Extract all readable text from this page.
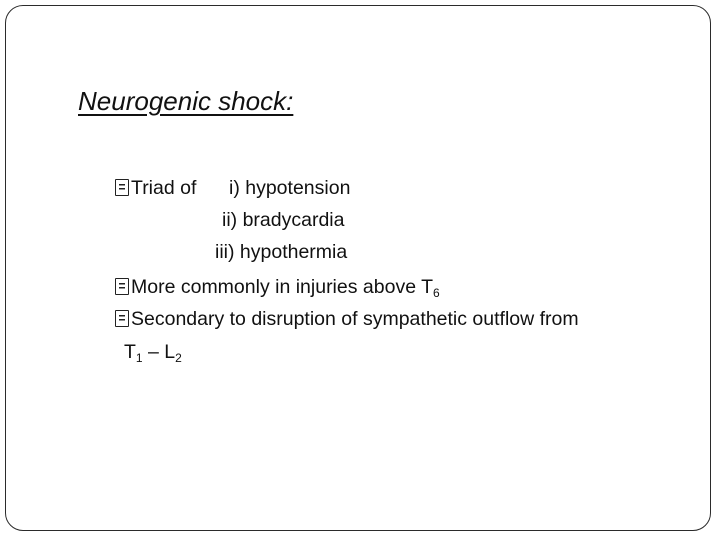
Neurogenic shock:
Triad of i) hypotension
ii) bradycardia
iii) hypothermia
More commonly in injuries above $T_6$
Secondary to disruption of sympathetic outflow from
$T_1 - L_2$
